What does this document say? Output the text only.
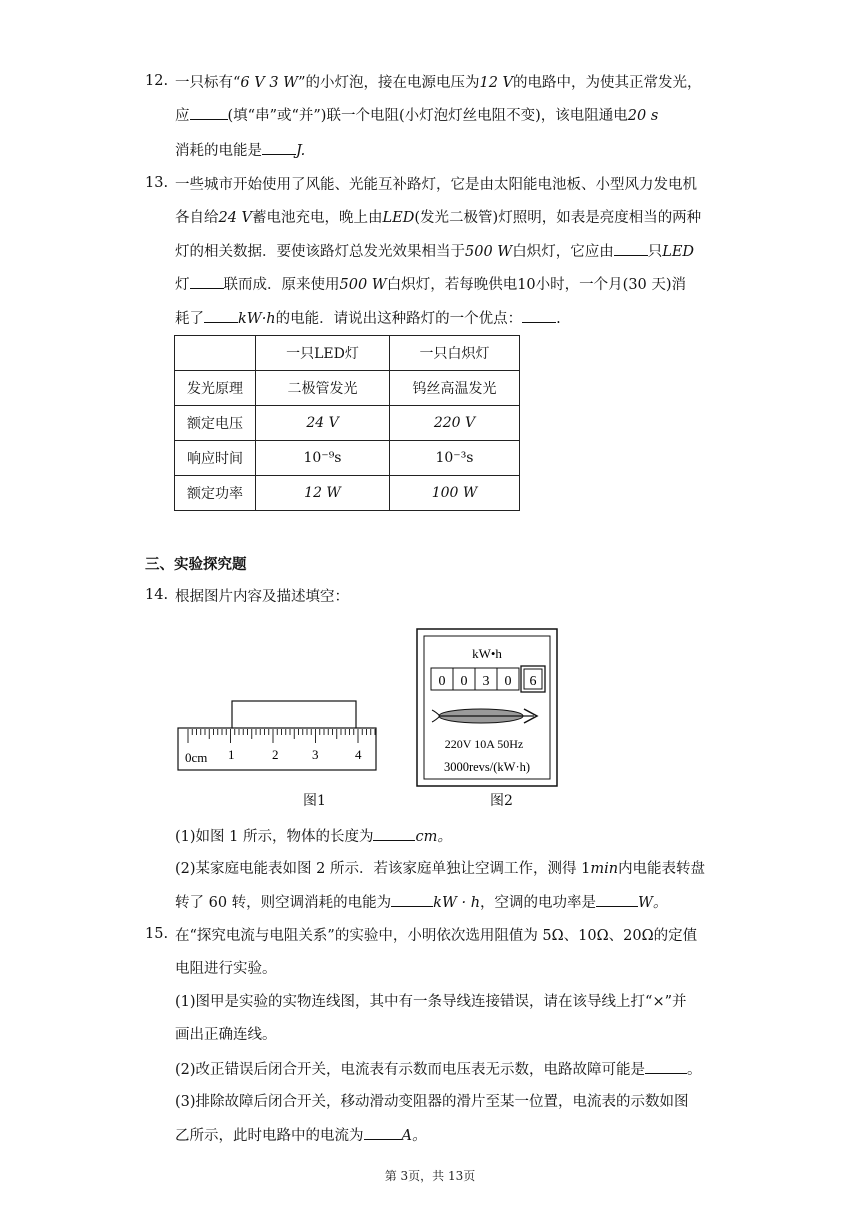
12. 一只标有“6 V 3 W”的小灯泡，接在电源电压为12 V的电路中，为使其正常发光，
应	(填“串”或“并”)联一个电阻(小灯泡灯丝电阻不变)，该电阻通电20 s
消耗的电能是 J.
13. 一些城市开始使用了风能、光能互补路灯，它是由太阳能电池板、小型风力发电机
各自给24 V蓄电池充电，晚上由LED(发光二极管)灯照明，如表是亮度相当的两种
灯的相关数据．要使该路灯总发光效果相当于500 W白炽灯，它应由 只LED
灯 联而成．原来使用500 W白炽灯，若每晚供电10小时，一个月(30 天)消
耗了 kW·h的电能．请说出这种路灯的一个优点： .
	一只LED灯	一只白炽灯
发光原理	二极管发光	钨丝高温发光
额定电压	24 V	220 V
响应时间	10⁻⁹s	10⁻³s
额定功率	12 W	100 W
三、实验探究题
14. 根据图片内容及描述填空：
0cm 1	2	3	4
图1
kW•h
0 0 3 0 6
220V 10A 50Hz
3000revs/(kW·h)
图2
(1)如图 1 所示，物体的长度为	cm。
(2)某家庭电能表如图 2 所示．若该家庭单独让空调工作，测得 1min内电能表转盘
转了 60 转，则空调消耗的电能为	kW · h，空调的电功率是	W。
15. 在“探究电流与电阻关系”的实验中，小明依次选用阻值为 5Ω、10Ω、20Ω的定值
电阻进行实验。
(1)图甲是实验的实物连线图，其中有一条导线连接错误，请在该导线上打“×”并
画出正确连线。
(2)改正错误后闭合开关，电流表有示数而电压表无示数，电路故障可能是	。
(3)排除故障后闭合开关，移动滑动变阻器的滑片至某一位置，电流表的示数如图
乙所示，此时电路中的电流为	A。
第 3页，共 13页
